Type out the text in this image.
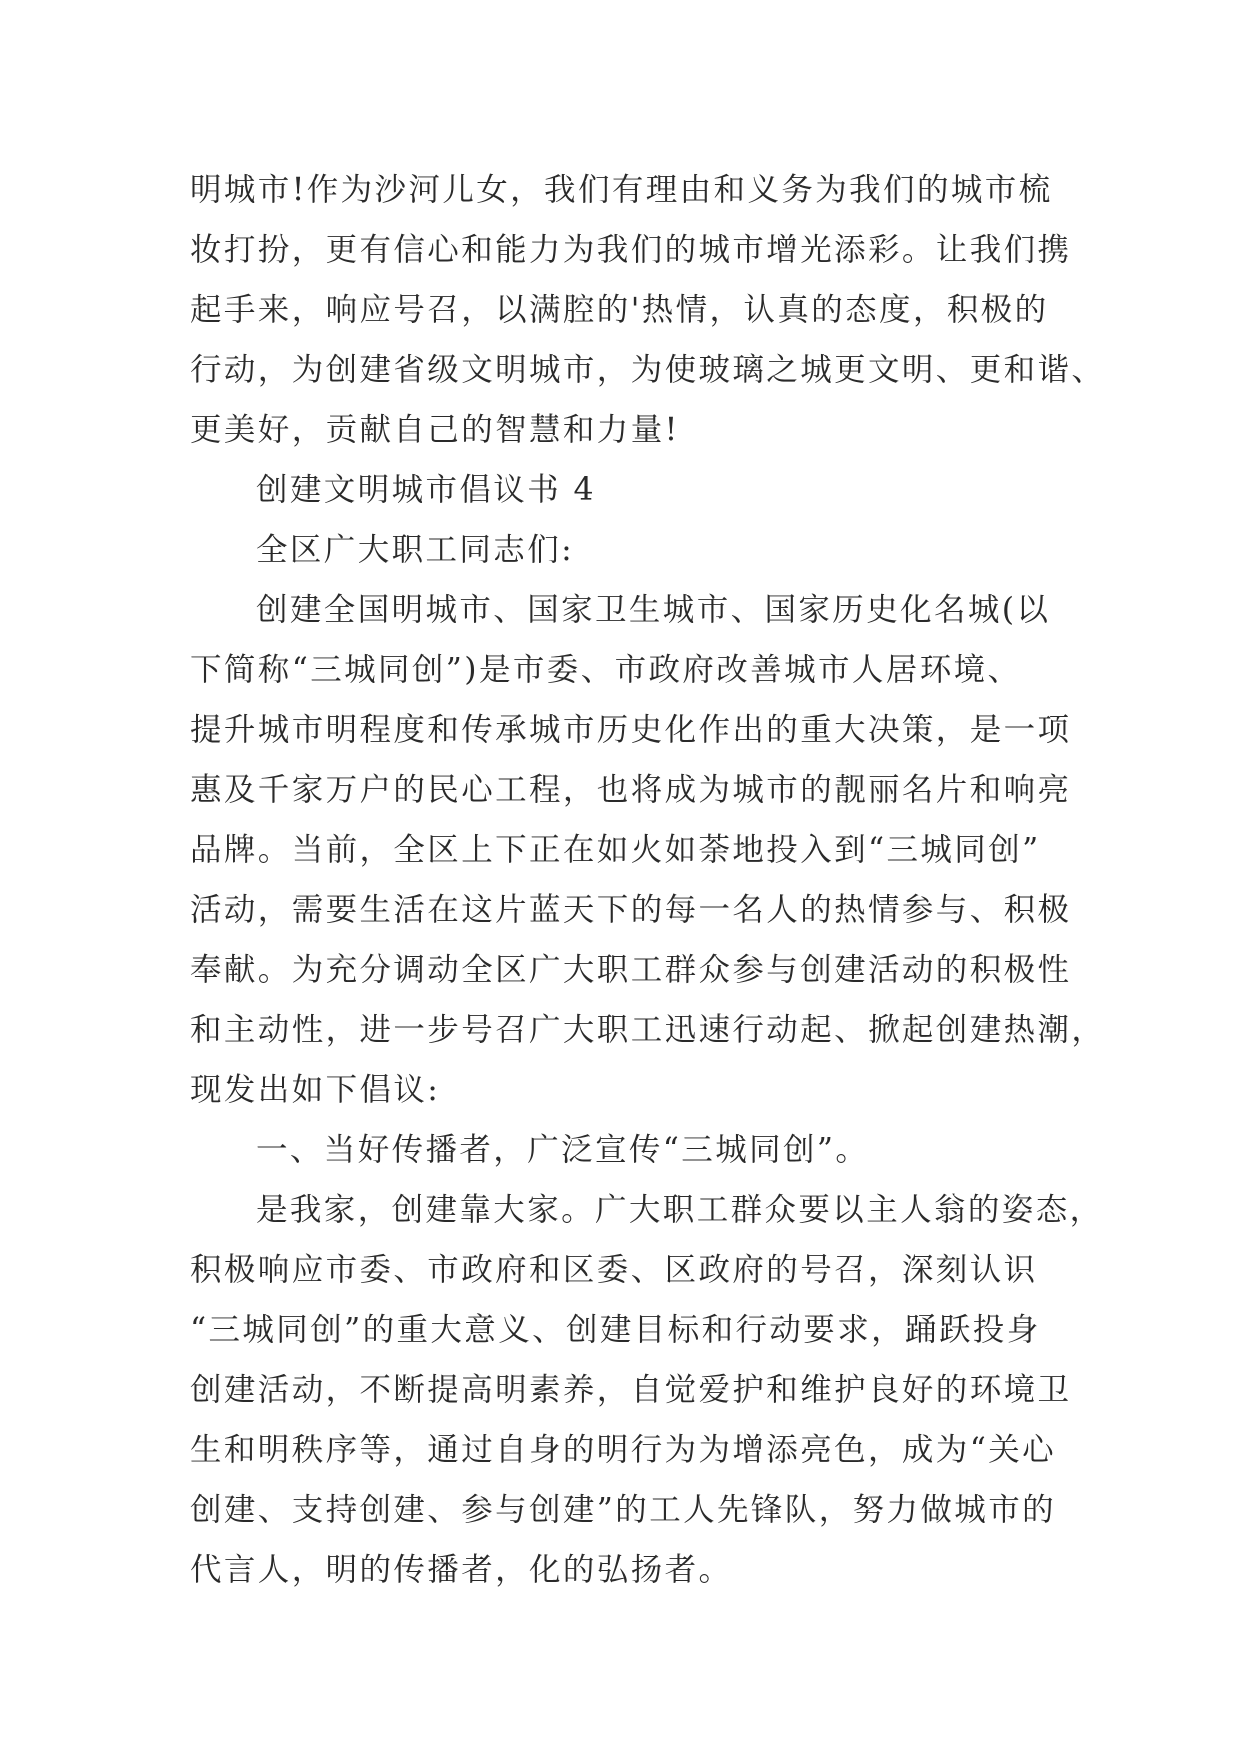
明城市!作为沙河儿女，我们有理由和义务为我们的城市梳
妆打扮，更有信心和能力为我们的城市增光添彩。让我们携
起手来，响应号召，以满腔的'热情，认真的态度，积极的
行动，为创建省级文明城市，为使玻璃之城更文明、更和谐、
更美好，贡献自己的智慧和力量!
创建文明城市倡议书 4
全区广大职工同志们:
创建全国明城市、国家卫生城市、国家历史化名城(以
下简称“三城同创”)是市委、市政府改善城市人居环境、
提升城市明程度和传承城市历史化作出的重大决策，是一项
惠及千家万户的民心工程，也将成为城市的靓丽名片和响亮
品牌。当前，全区上下正在如火如荼地投入到“三城同创”
活动，需要生活在这片蓝天下的每一名人的热情参与、积极
奉献。为充分调动全区广大职工群众参与创建活动的积极性
和主动性，进一步号召广大职工迅速行动起、掀起创建热潮，
现发出如下倡议:
一、当好传播者，广泛宣传“三城同创”。
是我家，创建靠大家。广大职工群众要以主人翁的姿态，
积极响应市委、市政府和区委、区政府的号召，深刻认识
“三城同创”的重大意义、创建目标和行动要求，踊跃投身
创建活动，不断提高明素养，自觉爱护和维护良好的环境卫
生和明秩序等，通过自身的明行为为增添亮色，成为“关心
创建、支持创建、参与创建”的工人先锋队，努力做城市的
代言人，明的传播者，化的弘扬者。
